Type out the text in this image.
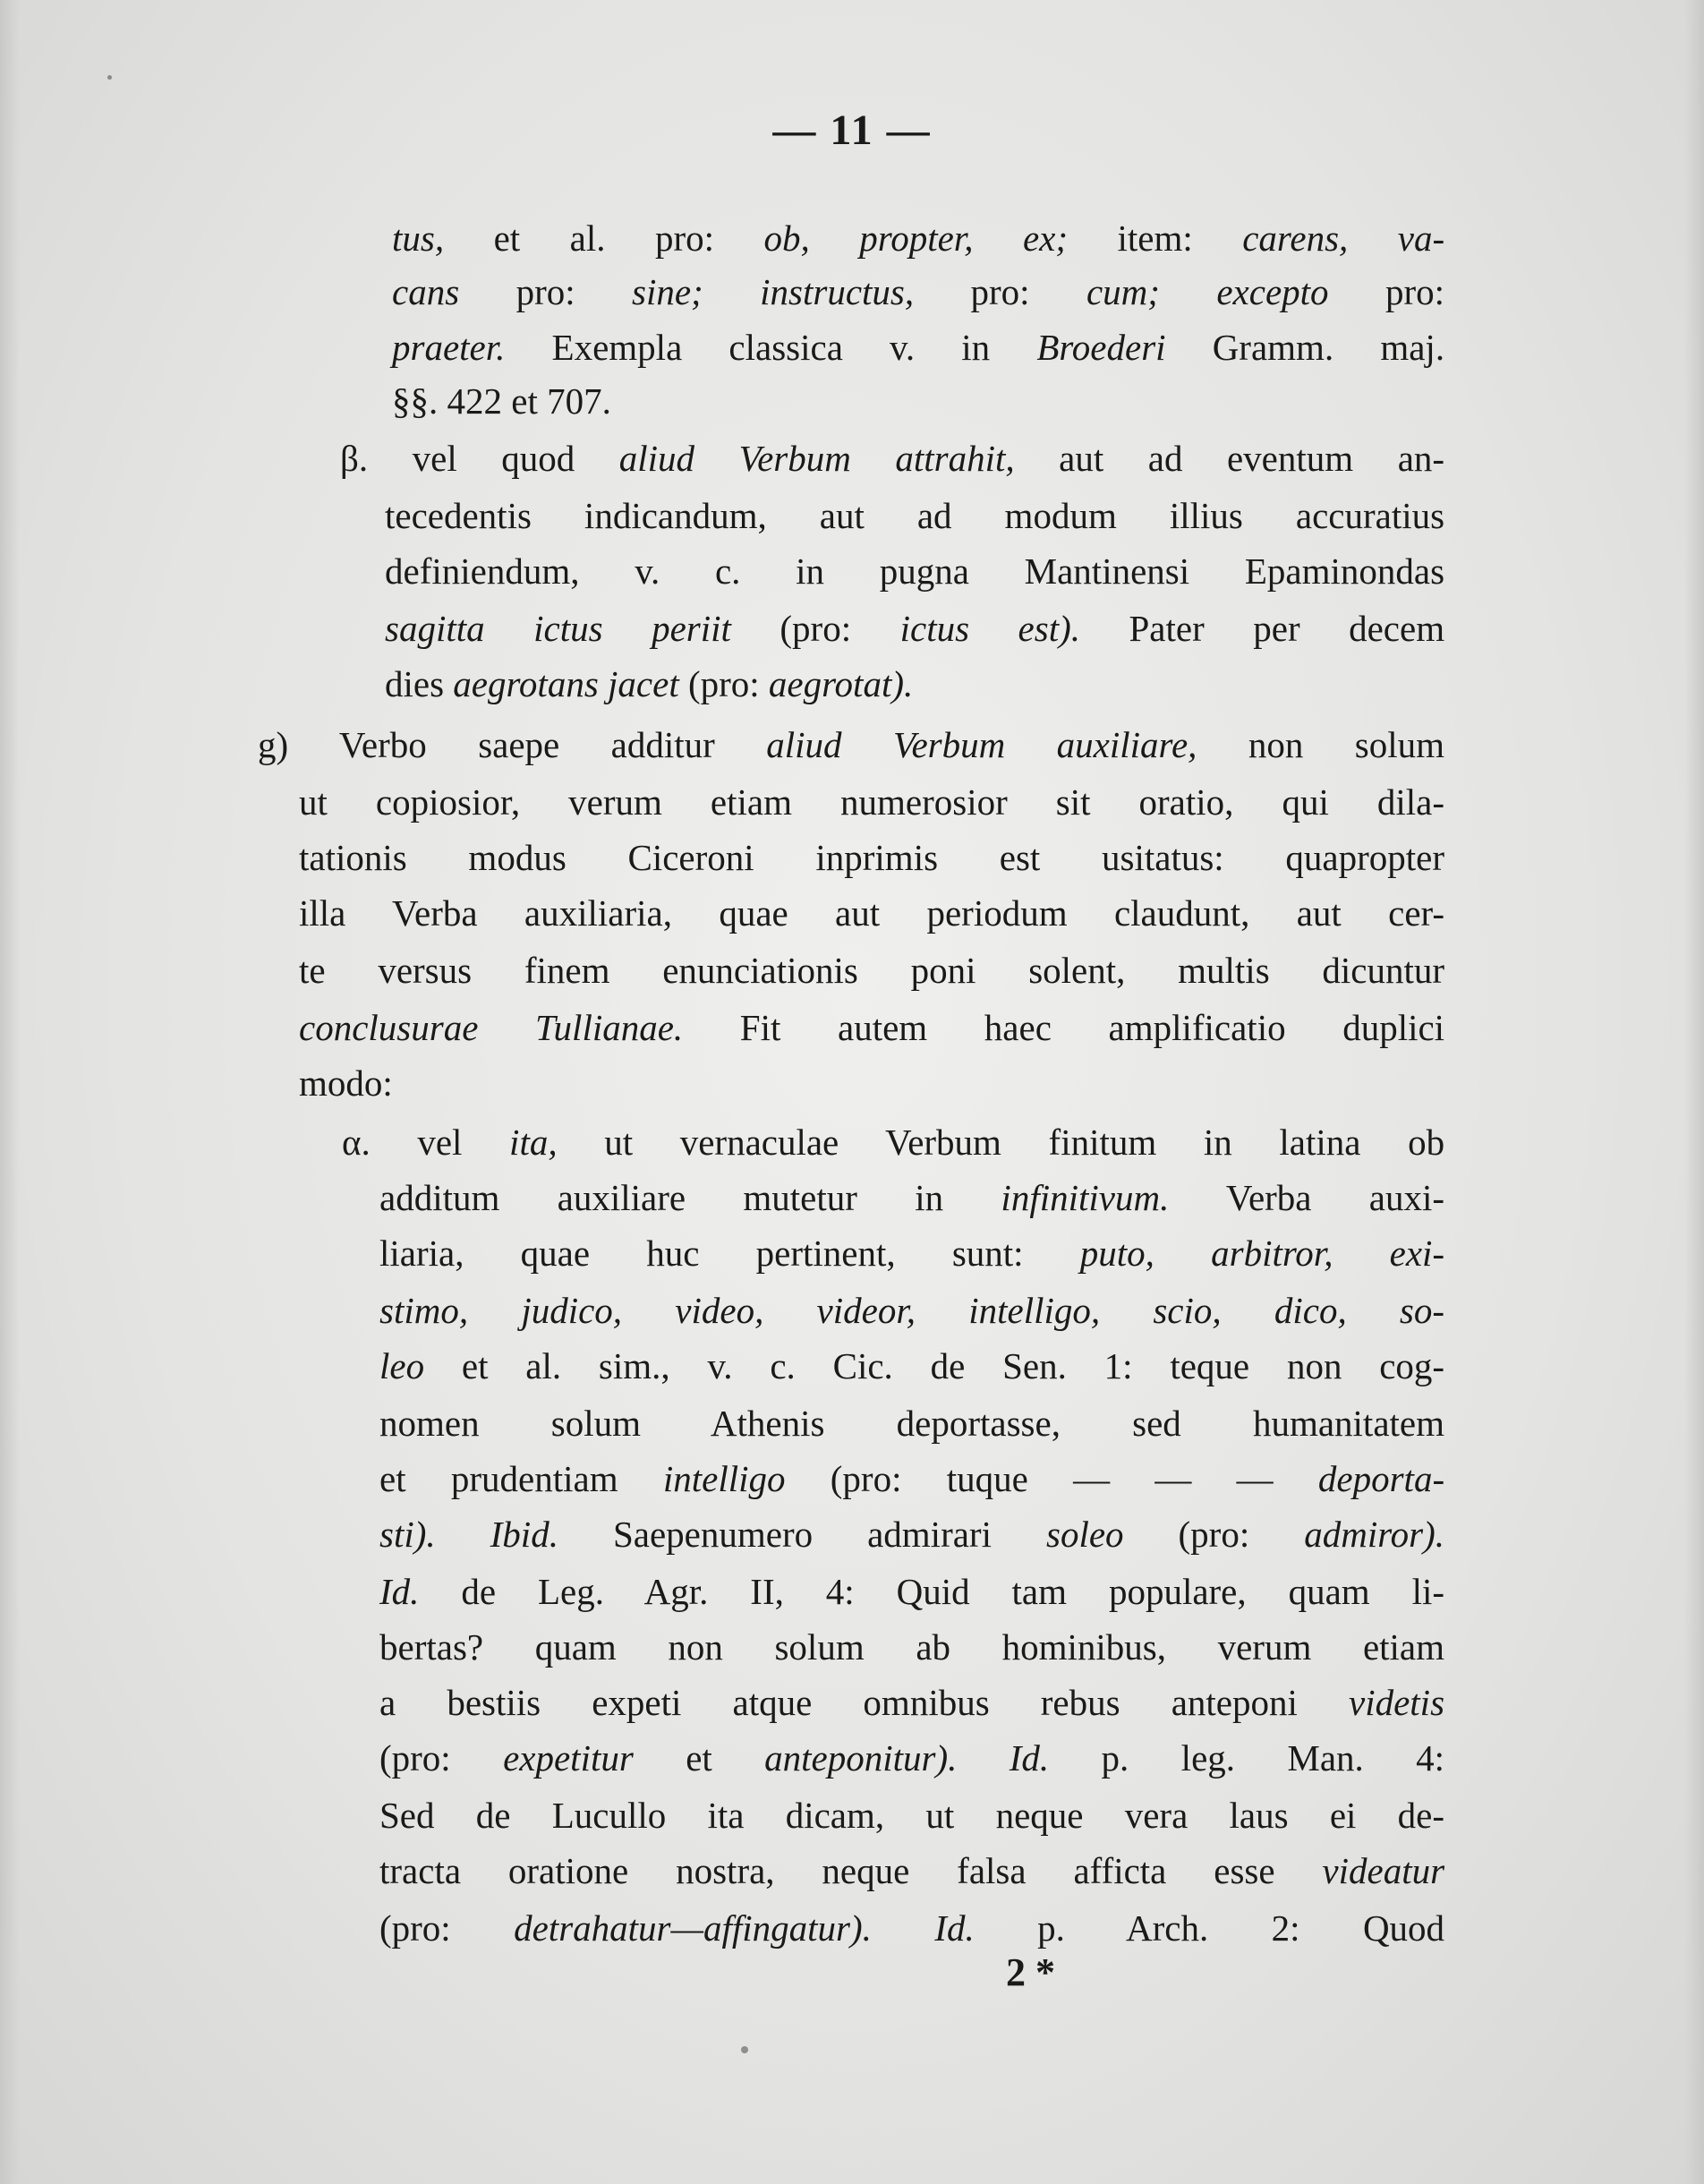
— 11 —
tus, et al. pro: ob, propter, ex; item: carens, va-
cans pro: sine; instructus, pro: cum; excepto pro:
praeter. Exempla classica v. in Broederi Gramm. maj.
§§. 422 et 707.
β. vel quod aliud Verbum attrahit, aut ad eventum an-
tecedentis indicandum, aut ad modum illius accuratius
definiendum, v. c. in pugna Mantinensi Epaminondas
sagitta ictus periit (pro: ictus est). Pater per decem
dies aegrotans jacet (pro: aegrotat).
g) Verbo saepe additur aliud Verbum auxiliare, non solum
ut copiosior, verum etiam numerosior sit oratio, qui dila-
tationis modus Ciceroni inprimis est usitatus: quapropter
illa Verba auxiliaria, quae aut periodum claudunt, aut cer-
te versus finem enunciationis poni solent, multis dicuntur
conclusurae Tullianae. Fit autem haec amplificatio duplici
modo:
α. vel ita, ut vernaculae Verbum finitum in latina ob
additum auxiliare mutetur in infinitivum. Verba auxi-
liaria, quae huc pertinent, sunt: puto, arbitror, exi-
stimo, judico, video, videor, intelligo, scio, dico, so-
leo et al. sim., v. c. Cic. de Sen. 1: teque non cog-
nomen solum Athenis deportasse, sed humanitatem
et prudentiam intelligo (pro: tuque — — — deporta-
sti). Ibid. Saepenumero admirari soleo (pro: admiror).
Id. de Leg. Agr. II, 4: Quid tam populare, quam li-
bertas? quam non solum ab hominibus, verum etiam
a bestiis expeti atque omnibus rebus anteponi videtis
(pro: expetitur et anteponitur). Id. p. leg. Man. 4:
Sed de Lucullo ita dicam, ut neque vera laus ei de-
tracta oratione nostra, neque falsa afficta esse videatur
(pro: detrahatur—affingatur). Id. p. Arch. 2: Quod
2 *
